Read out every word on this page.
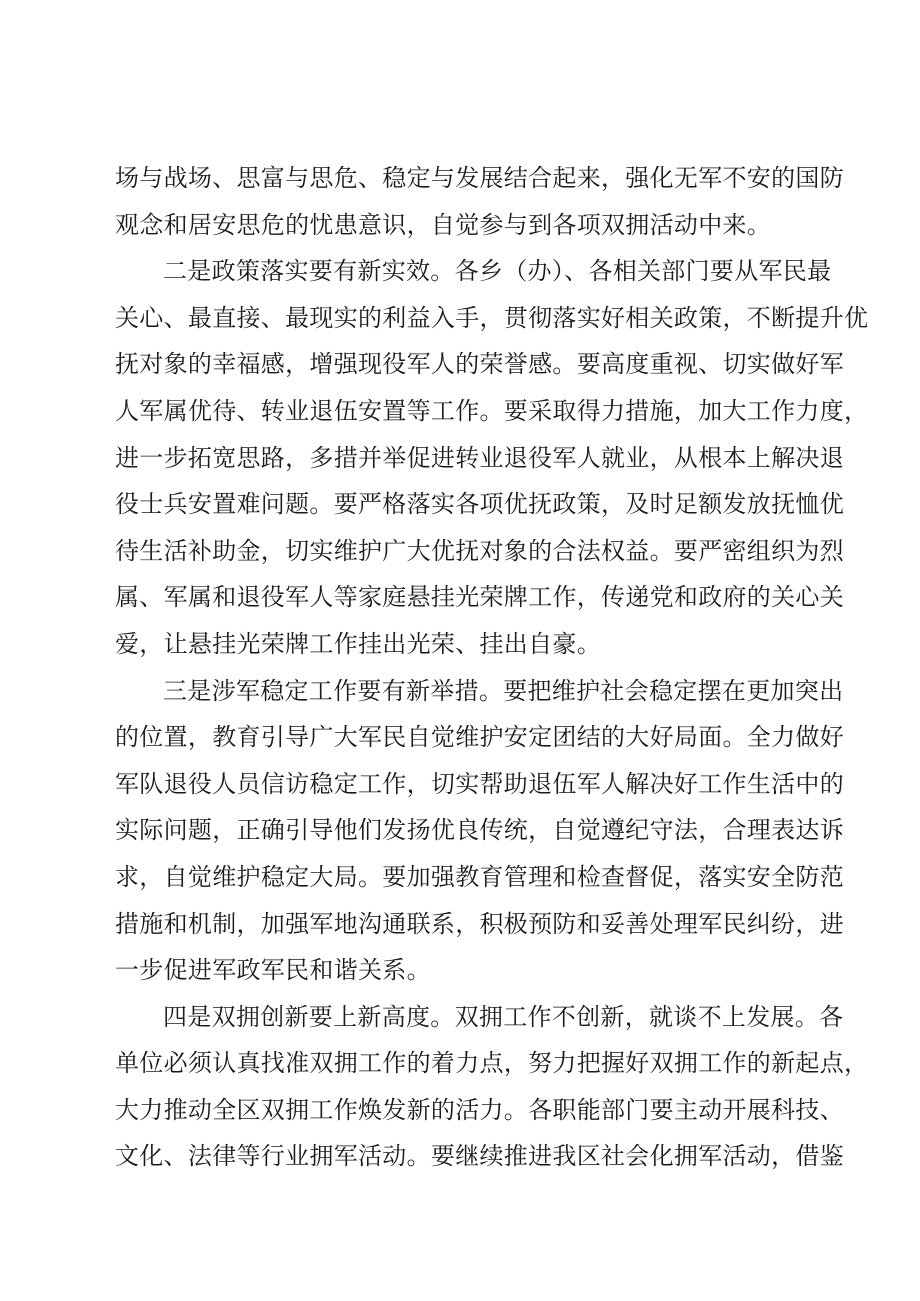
场与战场、思富与思危、稳定与发展结合起来，强化无军不安的国防
观念和居安思危的忧患意识，自觉参与到各项双拥活动中来。
二是政策落实要有新实效。各乡（办）、各相关部门要从军民最
关心、最直接、最现实的利益入手，贯彻落实好相关政策，不断提升优
抚对象的幸福感，增强现役军人的荣誉感。要高度重视、切实做好军
人军属优待、转业退伍安置等工作。要采取得力措施，加大工作力度，
进一步拓宽思路，多措并举促进转业退役军人就业，从根本上解决退
役士兵安置难问题。要严格落实各项优抚政策，及时足额发放抚恤优
待生活补助金，切实维护广大优抚对象的合法权益。要严密组织为烈
属、军属和退役军人等家庭悬挂光荣牌工作，传递党和政府的关心关
爱，让悬挂光荣牌工作挂出光荣、挂出自豪。
三是涉军稳定工作要有新举措。要把维护社会稳定摆在更加突出
的位置，教育引导广大军民自觉维护安定团结的大好局面。全力做好
军队退役人员信访稳定工作，切实帮助退伍军人解决好工作生活中的
实际问题，正确引导他们发扬优良传统，自觉遵纪守法，合理表达诉
求，自觉维护稳定大局。要加强教育管理和检查督促，落实安全防范
措施和机制，加强军地沟通联系，积极预防和妥善处理军民纠纷，进
一步促进军政军民和谐关系。
四是双拥创新要上新高度。双拥工作不创新，就谈不上发展。各
单位必须认真找准双拥工作的着力点，努力把握好双拥工作的新起点，
大力推动全区双拥工作焕发新的活力。各职能部门要主动开展科技、
文化、法律等行业拥军活动。要继续推进我区社会化拥军活动，借鉴
